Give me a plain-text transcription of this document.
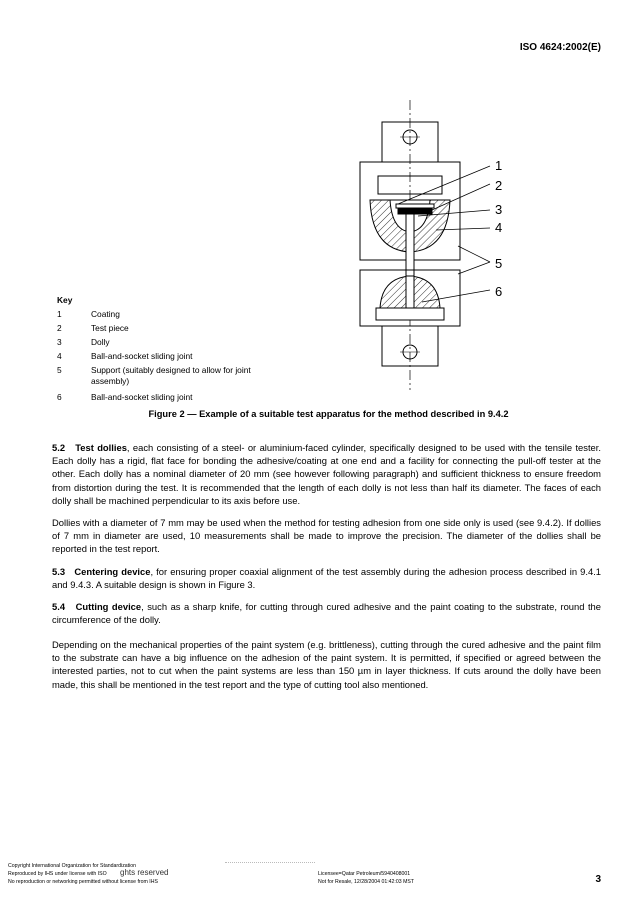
ISO 4624:2002(E)
1
2
3
4
5
6
Key
1	Coating
2	Test piece
3	Dolly
4	Ball-and-socket sliding joint
5	Support (suitably designed to allow for joint assembly)
6	Ball-and-socket sliding joint
Figure 2 — Example of a suitable test apparatus for the method described in 9.4.2
5.2 Test dollies, each consisting of a steel- or aluminium-faced cylinder, specifically designed to be used with the tensile tester. Each dolly has a rigid, flat face for bonding the adhesive/coating at one end and a facility for connecting the pull-off tester at the other. Each dolly has a nominal diameter of 20 mm (see however following paragraph) and sufficient thickness to ensure freedom from distortion during the test. It is recommended that the length of each dolly is not less than half its diameter. The faces of each dolly shall be machined perpendicular to its axis before use.
Dollies with a diameter of 7 mm may be used when the method for testing adhesion from one side only is used (see 9.4.2). If dollies of 7 mm in diameter are used, 10 measurements shall be made to improve the precision. The diameter of the dollies shall be reported in the test report.
5.3 Centering device, for ensuring proper coaxial alignment of the test assembly during the adhesion process described in 9.4.1 and 9.4.3. A suitable design is shown in Figure 3.
5.4 Cutting device, such as a sharp knife, for cutting through cured adhesive and the paint coating to the substrate, round the circumference of the dolly.
Depending on the mechanical properties of the paint system (e.g. brittleness), cutting through the cured adhesive and the paint film to the substrate can have a big influence on the adhesion of the paint system. It is permitted, if specified or agreed between the interested parties, not to cut when the paint systems are less than 150 µm in layer thickness. If cuts around the dolly have been made, this shall be mentioned in the test report and the type of cutting tool also mentioned.
Copyright International Organization for Standardization
Reproduced by IHS under license with ISO
No reproduction or networking permitted without license from IHS
ghts reserved	Licensee=Qatar Petroleum/5940408001
Not for Resale, 12/28/2004 01:42:03 MST	3
